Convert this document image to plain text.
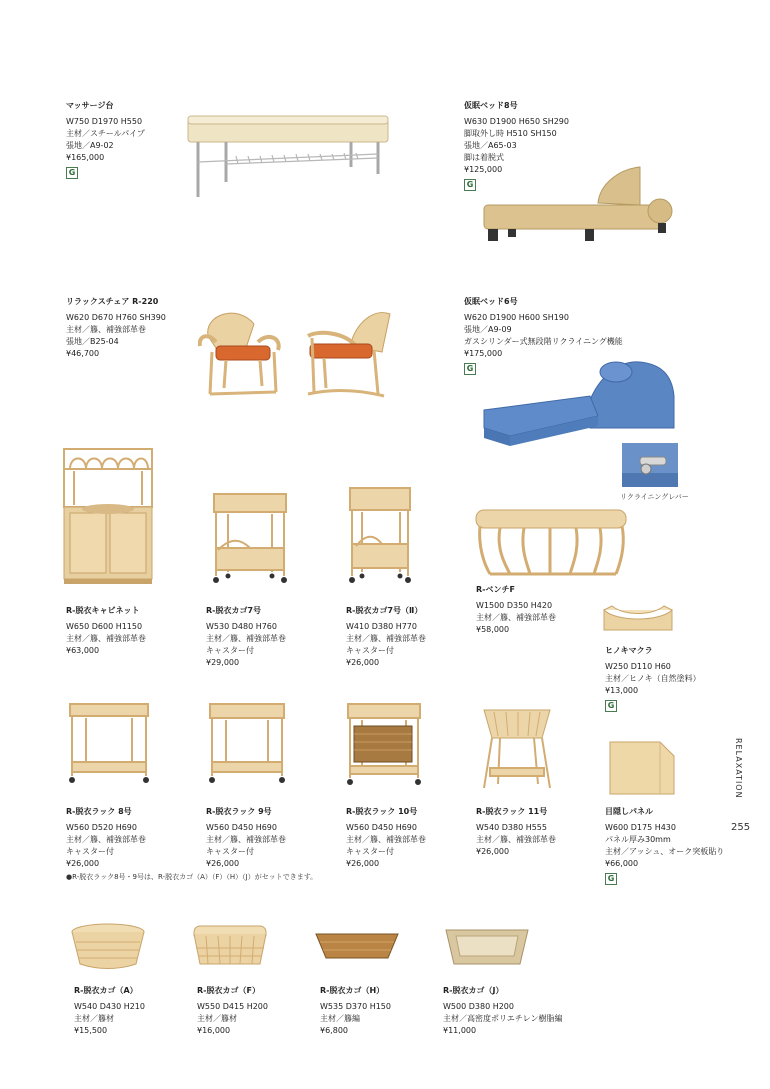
マッサージ台
W750 D1970 H550
主材／スチールパイプ
張地／A9-02
¥165,000
G
仮眠ベッド8号
W630 D1900 H650 SH290
脚取外し時 H510 SH150
張地／A65-03
脚は着脱式
¥125,000
G
リラックスチェア R-220
W620 D670 H760 SH390
主材／籐、補強部革巻
張地／B25-04
¥46,700
仮眠ベッド6号
W620 D1900 H600 SH190
張地／A9-09
ガスシリンダー式無段階リクライニング機能
¥175,000
G
R-脱衣キャビネット
W650 D600 H1150
主材／籐、補強部革巻
¥63,000
R-脱衣カゴ7号
W530 D480 H760
主材／籐、補強部革巻
キャスター付
¥29,000
R-脱衣カゴ7号（Ⅱ）
W410 D380 H770
主材／籐、補強部革巻
キャスター付
¥26,000
R-ベンチF
W1500 D350 H420
主材／籐、補強部革巻
¥58,000
ヒノキマクラ
W250 D110 H60
主材／ヒノキ（自然塗料）
¥13,000
G
R-脱衣ラック 8号
W560 D520 H690
主材／籐、補強部革巻
キャスター付
¥26,000
R-脱衣ラック 9号
W560 D450 H690
主材／籐、補強部革巻
キャスター付
¥26,000
R-脱衣ラック 10号
W560 D450 H690
主材／籐、補強部革巻
キャスター付
¥26,000
R-脱衣ラック 11号
W540 D380 H555
主材／籐、補強部革巻
¥26,000
目隠しパネル
W600 D175 H430
パネル厚み30mm
主材／アッシュ、オーク突板貼り
¥66,000
G
R-脱衣カゴ（A）
W540 D430 H210
主材／籐材
¥15,500
R-脱衣カゴ（F）
W550 D415 H200
主材／籐材
¥16,000
R-脱衣カゴ（H）
W535 D370 H150
主材／籐編
¥6,800
R-脱衣カゴ（J）
W500 D380 H200
主材／高密度ポリエチレン樹脂編
¥11,000
●R-脱衣ラック8号・9号は、R-脱衣カゴ（A）（F）（H）（J）がセットできます。
リクライニングレバー
RELAXATION
255
